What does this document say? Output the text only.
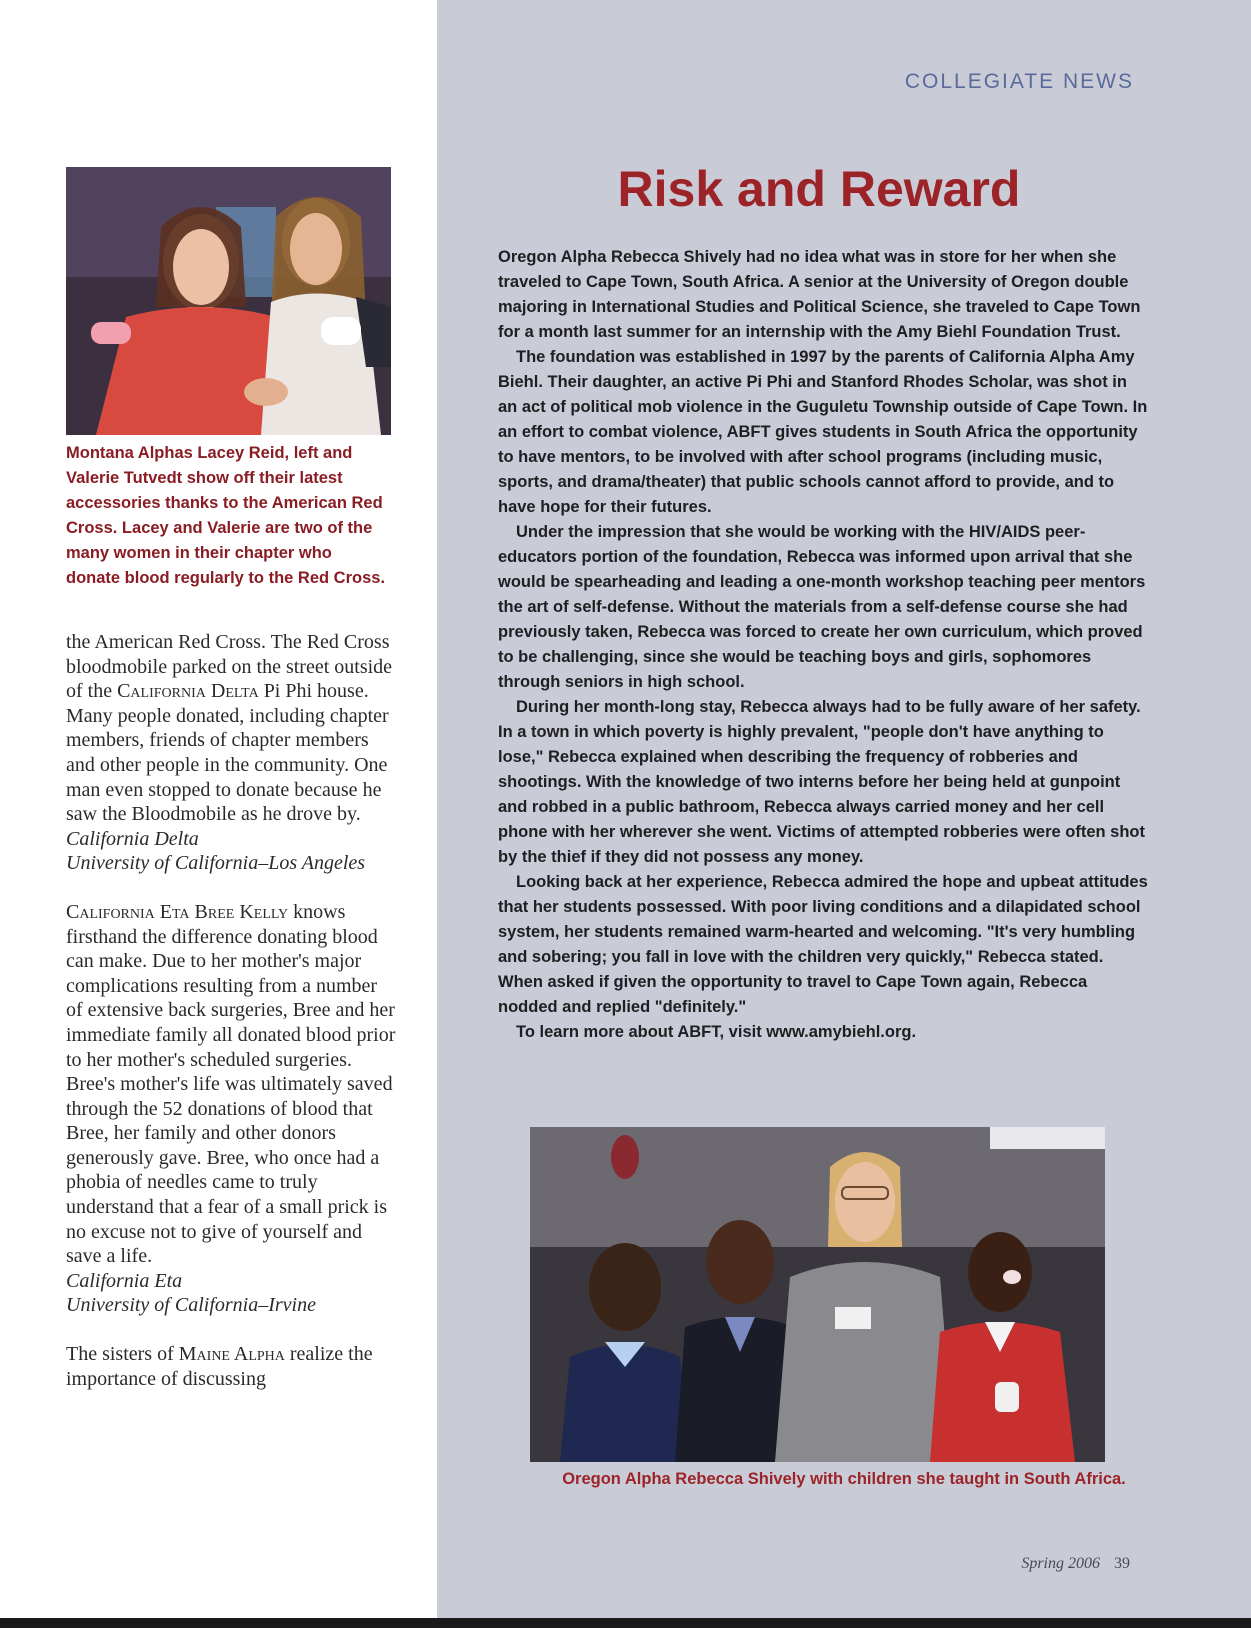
COLLEGIATE NEWS
Montana Alphas Lacey Reid, left and Valerie Tutvedt show off their latest accessories thanks to the American Red Cross. Lacey and Valerie are two of the many women in their chapter who donate blood regularly to the Red Cross.

the American Red Cross. The Red Cross bloodmobile parked on the street outside of the California Delta Pi Phi house. Many people donated, including chapter members, friends of chapter members and other people in the community. One man even stopped to donate because he saw the Bloodmobile as he drove by.

California Delta

University of California–Los Angeles

California Eta Bree Kelly knows firsthand the difference donating blood can make. Due to her mother's major complications resulting from a number of extensive back surgeries, Bree and her immediate family all donated blood prior to her mother's scheduled surgeries. Bree's mother's life was ultimately saved through the 52 donations of blood that Bree, her family and other donors generously gave. Bree, who once had a phobia of needles came to truly understand that a fear of a small prick is no excuse not to give of yourself and save a life.

California Eta

University of California–Irvine

The sisters of Maine Alpha realize the importance of discussing

Risk and Reward

Oregon Alpha Rebecca Shively had no idea what was in store for her when she traveled to Cape Town, South Africa. A senior at the University of Oregon double majoring in International Studies and Political Science, she traveled to Cape Town for a month last summer for an internship with the Amy Biehl Foundation Trust.

The foundation was established in 1997 by the parents of California Alpha Amy Biehl. Their daughter, an active Pi Phi and Stanford Rhodes Scholar, was shot in an act of political mob violence in the Guguletu Township outside of Cape Town. In an effort to combat violence, ABFT gives students in South Africa the opportunity to have mentors, to be involved with after school programs (including music, sports, and drama/theater) that public schools cannot afford to provide, and to have hope for their futures.

Under the impression that she would be working with the HIV/AIDS peer-educators portion of the foundation, Rebecca was informed upon arrival that she would be spearheading and leading a one-month workshop teaching peer mentors the art of self-defense. Without the materials from a self-defense course she had previously taken, Rebecca was forced to create her own curriculum, which proved to be challenging, since she would be teaching boys and girls, sophomores through seniors in high school.

During her month-long stay, Rebecca always had to be fully aware of her safety. In a town in which poverty is highly prevalent, "people don't have anything to lose," Rebecca explained when describing the frequency of robberies and shootings. With the knowledge of two interns before her being held at gunpoint and robbed in a public bathroom, Rebecca always carried money and her cell phone with her wherever she went. Victims of attempted robberies were often shot by the thief if they did not possess any money.

Looking back at her experience, Rebecca admired the hope and upbeat attitudes that her students possessed. With poor living conditions and a dilapidated school system, her students remained warm-hearted and welcoming. "It's very humbling and sobering; you fall in love with the children very quickly," Rebecca stated. When asked if given the opportunity to travel to Cape Town again, Rebecca nodded and replied "definitely."

To learn more about ABFT, visit www.amybiehl.org.

Oregon Alpha Rebecca Shively with children she taught in South Africa.
Spring 2006 39
